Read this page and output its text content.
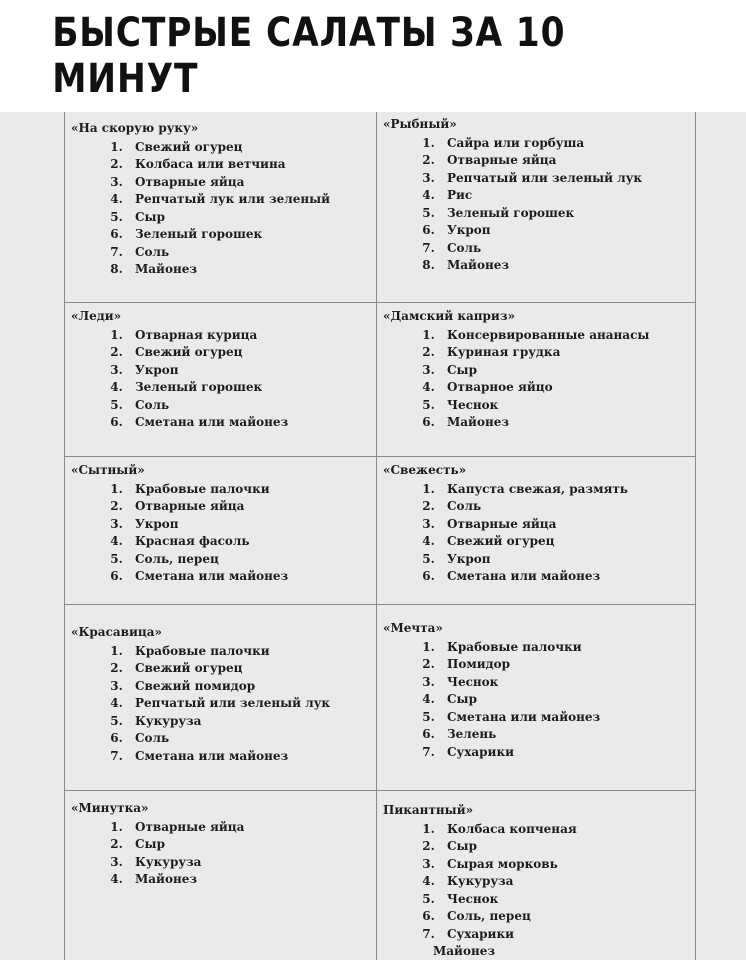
БЫСТРЫЕ САЛАТЫ ЗА 10 МИНУТ
«На скорую руку»
1. Свежий огурец
2. Колбаса или ветчина
3. Отварные яйца
4. Репчатый лук или зеленый
5. Сыр
6. Зеленый горошек
7. Соль
8. Майонез
«Рыбный»
1. Сайра или горбуша
2. Отварные яйца
3. Репчатый или зеленый лук
4. Рис
5. Зеленый горошек
6. Укроп
7. Соль
8. Майонез
«Леди»
1. Отварная курица
2. Свежий огурец
3. Укроп
4. Зеленый горошек
5. Соль
6. Сметана или майонез
«Дамский каприз»
1. Консервированные ананасы
2. Куриная грудка
3. Сыр
4. Отварное яйцо
5. Чеснок
6. Майонез
«Сытный»
1. Крабовые палочки
2. Отварные яйца
3. Укроп
4. Красная фасоль
5. Соль, перец
6. Сметана или майонез
«Свежесть»
1. Капуста свежая, размять
2. Соль
3. Отварные яйца
4. Свежий огурец
5. Укроп
6. Сметана или майонез
«Красавица»
1. Крабовые палочки
2. Свежий огурец
3. Свежий помидор
4. Репчатый или зеленый лук
5. Кукуруза
6. Соль
7. Сметана или майонез
«Мечта»
1. Крабовые палочки
2. Помидор
3. Чеснок
4. Сыр
5. Сметана или майонез
6. Зелень
7. Сухарики
«Минутка»
1. Отварные яйца
2. Сыр
3. Кукуруза
4. Майонез
Пикантный»
1. Колбаса копченая
2. Сыр
3. Сырая морковь
4. Кукуруза
5. Чеснок
6. Соль, перец
7. Сухарики
Майонез
